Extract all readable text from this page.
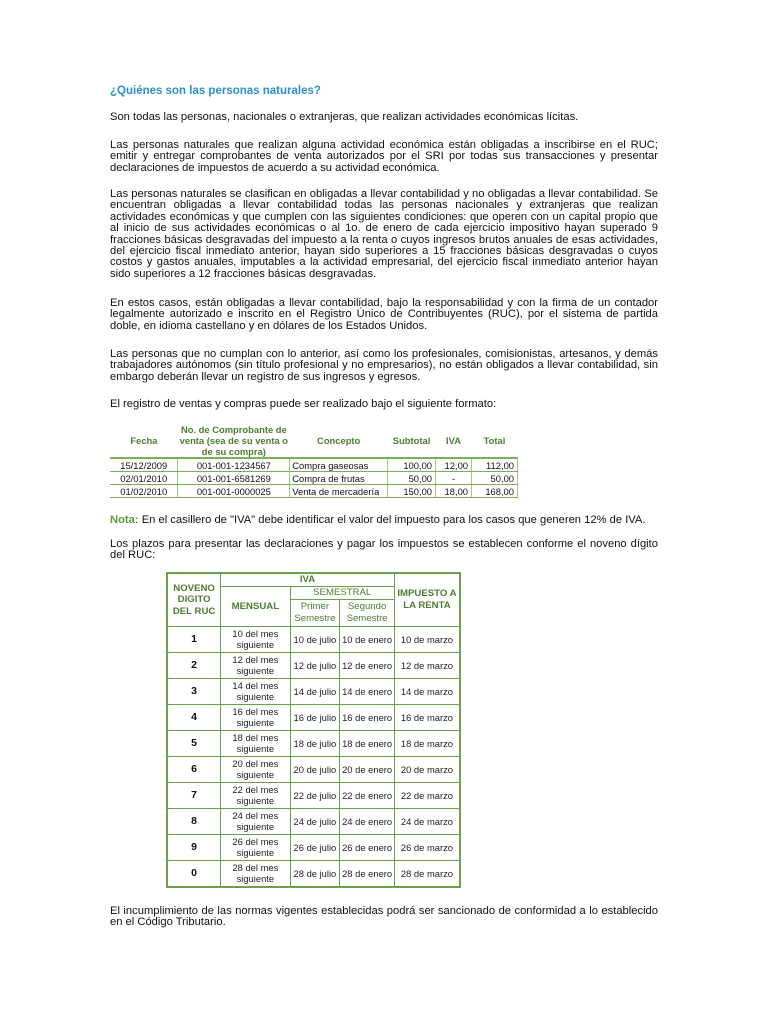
¿Quiénes son las personas naturales?

Son todas las personas, nacionales o extranjeras, que realizan actividades económicas lícitas.

Las personas naturales que realizan alguna actividad económica están obligadas a inscribirse en el RUC; emitir y entregar comprobantes de venta autorizados por el SRI por todas sus transacciones y presentar declaraciones de impuestos de acuerdo a su actividad económica.

Las personas naturales se clasifican en obligadas a llevar contabilidad y no obligadas a llevar contabilidad. Se encuentran obligadas a llevar contabilidad todas las personas nacionales y extranjeras que realizan actividades económicas y que cumplen con las siguientes condiciones: que operen con un capital propio que al inicio de sus actividades económicas o al 1o. de enero de cada ejercicio impositivo hayan superado 9 fracciones básicas desgravadas del impuesto a la renta o cuyos ingresos brutos anuales de esas actividades, del ejercicio fiscal inmediato anterior, hayan sido superiores a 15 fracciones básicas desgravadas o cuyos costos y gastos anuales, imputables a la actividad empresarial, del ejercicio fiscal inmediato anterior hayan sido superiores a 12 fracciones básicas desgravadas.

En estos casos, están obligadas a llevar contabilidad, bajo la responsabilidad y con la firma de un contador legalmente autorizado e inscrito en el Registro Único de Contribuyentes (RUC), por el sistema de partida doble, en idioma castellano y en dólares de los Estados Unidos.

Las personas que no cumplan con lo anterior, así como los profesionales, comisionistas, artesanos, y demás trabajadores autónomos (sin título profesional y no empresarios), no están obligados a llevar contabilidad, sin embargo deberán llevar un registro de sus ingresos y egresos.

El registro de ventas y compras puede ser realizado bajo el siguiente formato:

Fecha	No. de Comprobante de venta (sea de su venta o de su compra)	Concepto	Subtotal	IVA	Total
15/12/2009	001-001-1234567	Compra gaseosas	100,00	12,00	112,00
02/01/2010	001-001-6581269	Compra de frutas	50,00	-	50,00
01/02/2010	001-001-0000025	Venta de mercadería	150,00	18,00	168,00

Nota: En el casillero de "IVA" debe identificar el valor del impuesto para los casos que generen 12% de IVA.

Los plazos para presentar las declaraciones y pagar los impuestos se establecen conforme el noveno dígito del RUC:

NOVENO DIGITO DEL RUC	IVA			IMPUESTO A LA RENTA
	MENSUAL	SEMESTRAL		
		Primer Semestre	Segundo Semestre	
1	10 del mes siguiente	10 de julio	10 de enero	10 de marzo
2	12 del mes siguiente	12 de julio	12 de enero	12 de marzo
3	14 del mes siguiente	14 de julio	14 de enero	14 de marzo
4	16 del mes siguiente	16 de julio	16 de enero	16 de marzo
5	18 del mes siguiente	18 de julio	18 de enero	18 de marzo
6	20 del mes siguiente	20 de julio	20 de enero	20 de marzo
7	22 del mes siguiente	22 de julio	22 de enero	22 de marzo
8	24 del mes siguiente	24 de julio	24 de enero	24 de marzo
9	26 del mes siguiente	26 de julio	26 de enero	26 de marzo
0	28 del mes siguiente	28 de julio	28 de enero	28 de marzo

El incumplimiento de las normas vigentes establecidas podrá ser sancionado de conformidad a lo establecido en el Código Tributario.
